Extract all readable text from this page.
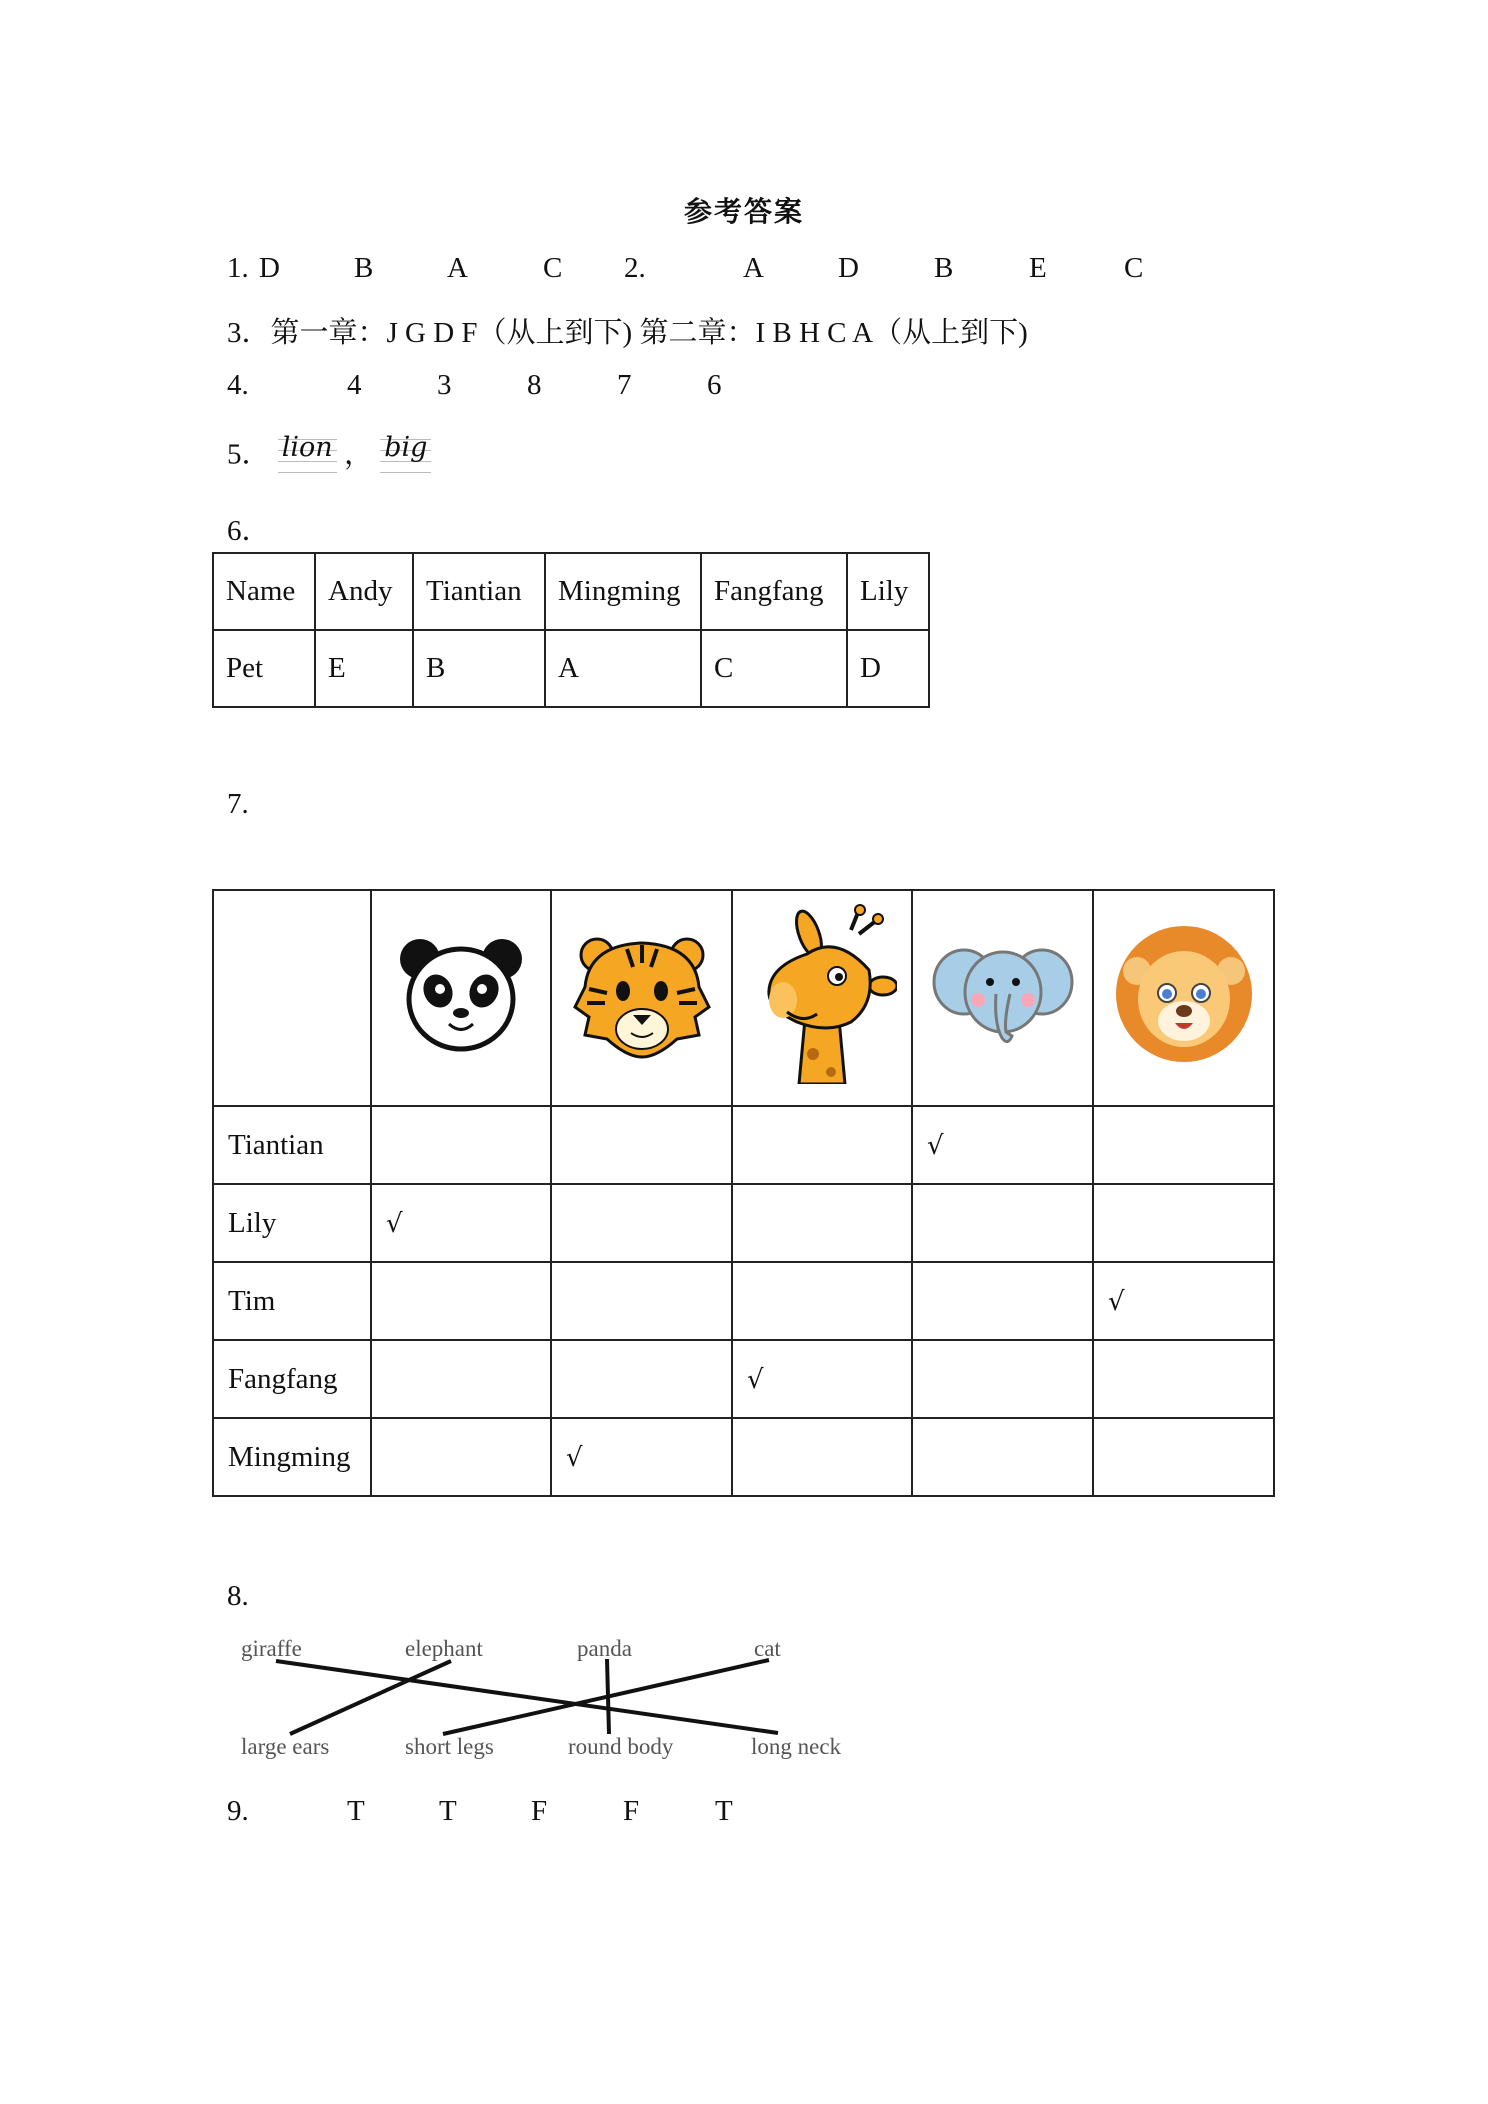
参考答案
1. D	B	A	C 2.	A	D	B	E	C
3．第一章：J G D F（从上到下) 第二章：I B H C A（从上到下)
4.	4	3	8	7	6
5． lion ， big
6．
Name	Andy	Tiantian	Mingming	Fangfang	Lily
Pet	E	B	A	C	D
7.

Tiantian				√	
Lily	√				
Tim					√
Fangfang			√		
Mingming		√			
8.
giraffe	elephant	panda	cat
large ears	short legs	round body	long neck
9.	T	T	F	F	T
